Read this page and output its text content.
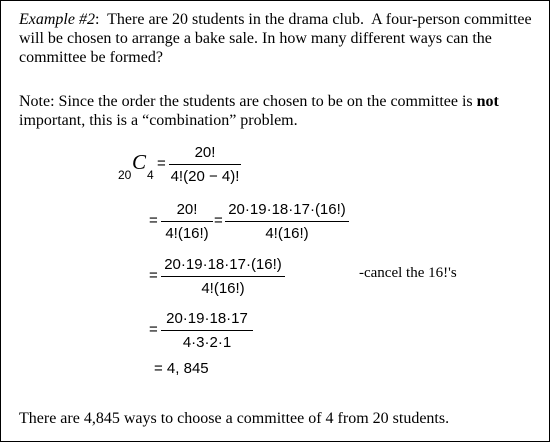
Example #2:  There are 20 students in the drama club.  A four-person committee
will be chosen to arrange a bake sale. In how many different ways can the
committee be formed?
Note: Since the order the students are chosen to be on the committee is not
important, this is a “combination” problem.
20
C
4
=
20!
4!(20 − 4)!
=
20!
4!(16!)
=
20·19·18·17·(16!)
4!(16!)
=
20·19·18·17·(16!)
4!(16!)
-cancel the 16!'s
=
20·19·18·17
4·3·2·1
= 4, 845
There are 4,845 ways to choose a committee of 4 from 20 students.
